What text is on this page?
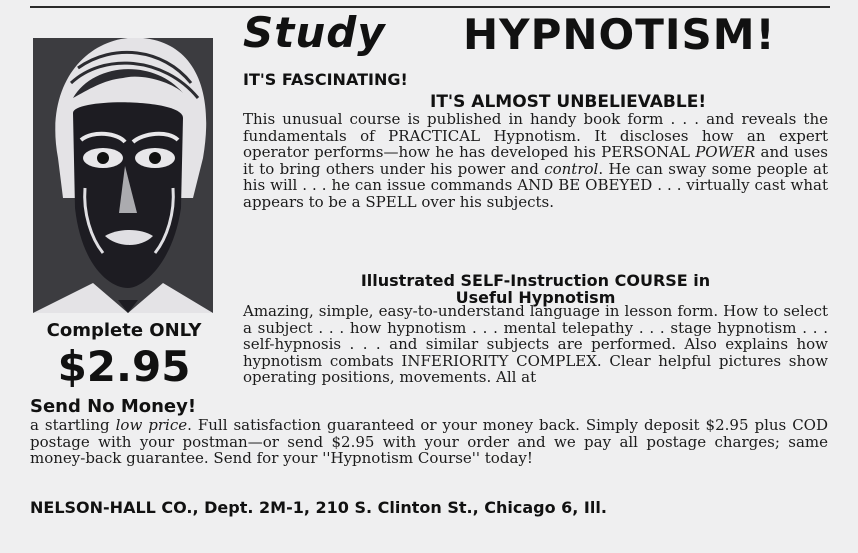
Study HYPNOTISM!
IT'S FASCINATING!
IT'S ALMOST UNBELIEVABLE!

This unusual course is published in handy book form . . . and reveals the fundamentals of PRACTICAL Hypnotism. It discloses how an expert operator performs—how he has developed his PERSONAL POWER and uses it to bring others under his power and control. He can sway some people at his will . . . he can issue commands AND BE OBEYED . . . virtually cast what appears to be a SPELL over his subjects.

Illustrated SELF-Instruction COURSE in
Useful Hypnotism

Amazing, simple, easy-to-understand language in lesson form. How to select a subject . . . how hypnotism . . . mental telepathy . . . stage hypnotism . . . self-hypnosis . . . and similar subjects are performed. Also explains how hypnotism combats INFERIORITY COMPLEX. Clear helpful pictures show operating positions, movements. All at

Complete ONLY
$2.95
Send No Money!

a startling low price. Full satisfaction guaranteed or your money back. Simply deposit $2.95 plus COD postage with your postman—or send $2.95 with your order and we pay all postage charges; same money-back guarantee. Send for your ''Hypnotism Course'' today!

NELSON-HALL CO., Dept. 2M-1, 210 S. Clinton St., Chicago 6, Ill.
